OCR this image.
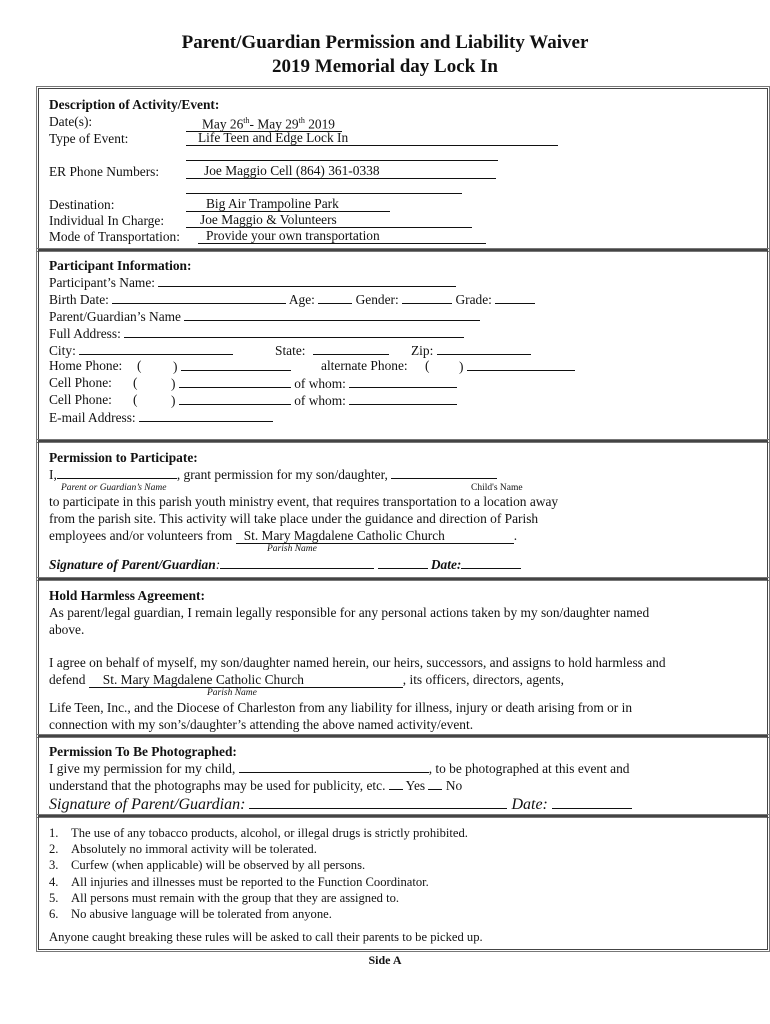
Parent/Guardian Permission and Liability Waiver
2019 Memorial day Lock In
Description of Activity/Event:
Date(s):	May 26th- May 29th 2019
Type of Event:	Life Teen and Edge Lock In
ER Phone Numbers:	Joe Maggio Cell (864) 361-0338
Destination:	Big Air Trampoline Park
Individual In Charge:	Joe Maggio & Volunteers
Mode of Transportation:	Provide your own transportation
Participant Information:
Participant’s Name:
Birth Date:	Age:	Gender:	Grade:
Parent/Guardian’s Name
Full Address:
City:	State:	Zip:
Home Phone: ( )	alternate Phone: ( )
Cell Phone: (	)	of whom:
Cell Phone: (	)	of whom:
E-mail Address:
Permission to Participate:
I,	, grant permission for my son/daughter,
Parent or Guardian’s Name	Child's Name
to participate in this parish youth ministry event, that requires transportation to a location away
from the parish site. This activity will take place under the guidance and direction of Parish
employees and/or volunteers from St. Mary Magdalene Catholic Church	.
Parish Name
Signature of Parent/Guardian:	Date:
Hold Harmless Agreement:
As parent/legal guardian, I remain legally responsible for any personal actions taken by my son/daughter named
above.
I agree on behalf of myself, my son/daughter named herein, our heirs, successors, and assigns to hold harmless and
defend St. Mary Magdalene Catholic Church	, its officers, directors, agents,
Parish Name
Life Teen, Inc., and the Diocese of Charleston from any liability for illness, injury or death arising from or in
connection with my son’s/daughter’s attending the above named activity/event.
Permission To Be Photographed:
I give my permission for my child,	, to be photographed at this event and
understand that the photographs may be used for publicity, etc. Yes No
Signature of Parent/Guardian:	Date:
1. The use of any tobacco products, alcohol, or illegal drugs is strictly prohibited.
2. Absolutely no immoral activity will be tolerated.
3. Curfew (when applicable) will be observed by all persons.
4. All injuries and illnesses must be reported to the Function Coordinator.
5. All persons must remain with the group that they are assigned to.
6. No abusive language will be tolerated from anyone.
Anyone caught breaking these rules will be asked to call their parents to be picked up.
Side A
